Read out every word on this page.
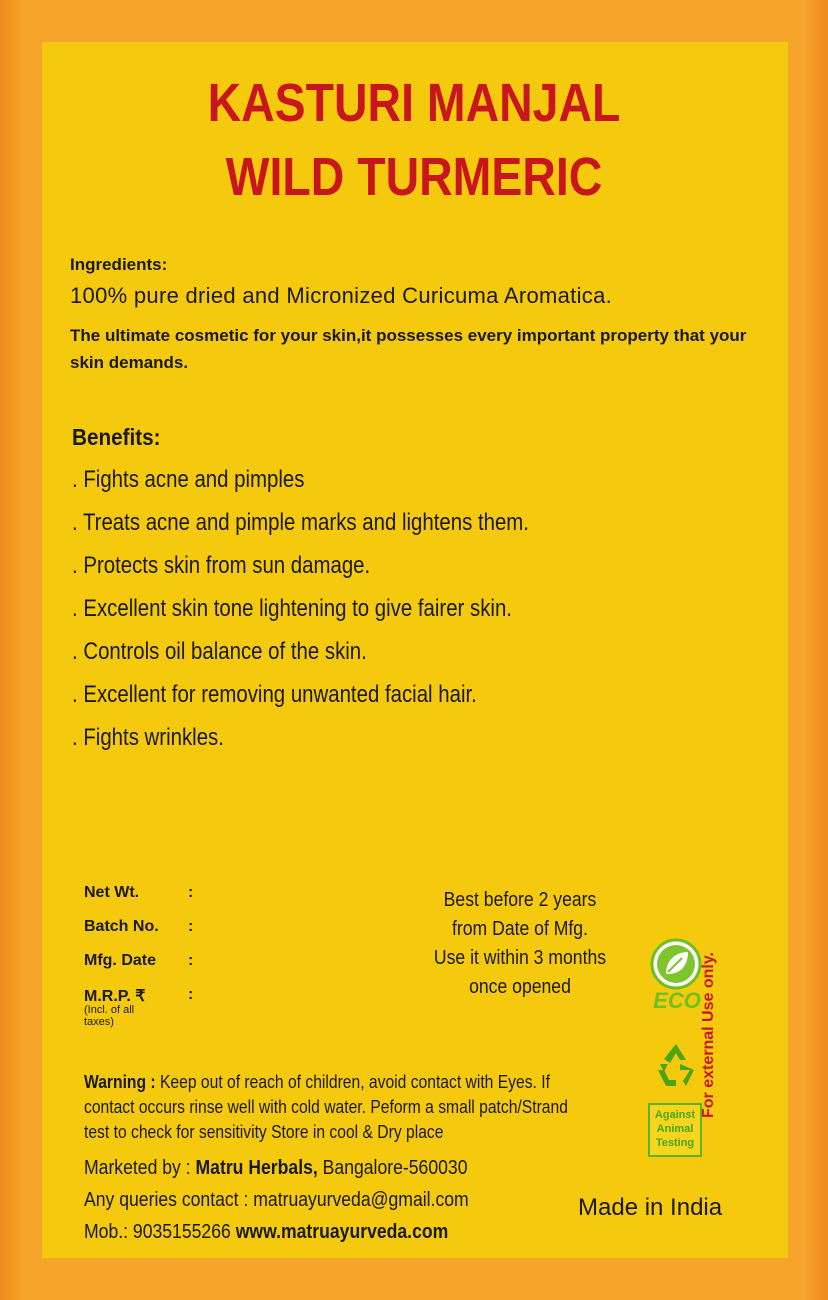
KASTURI MANJAL
WILD TURMERIC
Ingredients:
100% pure dried and Micronized Curicuma Aromatica.
The ultimate cosmetic for your skin,it possesses every important property that your skin demands.
Benefits:
. Fights acne and pimples
. Treats acne and pimple marks and lightens them.
. Protects skin from sun damage.
. Excellent skin tone lightening to give fairer skin.
. Controls oil balance of the skin.
. Excellent for removing unwanted facial hair.
. Fights wrinkles.
Net Wt.	:
Batch No. :
Mfg. Date :
M.R.P. ₹	:
(Incl. of all taxes)
Best before 2 years
from Date of Mfg.
Use it within 3 months
once opened
ECO
Against
Animal
Testing
For external Use only.
Warning : Keep out of reach of children, avoid contact with Eyes. If contact occurs rinse well with cold water. Peform a small patch/Strand test to check for sensitivity Store in cool & Dry place
Marketed by : Matru Herbals, Bangalore-560030
Any queries contact : matruayurveda@gmail.com
Mob.: 9035155266 www.matruayurveda.com
Made in India
